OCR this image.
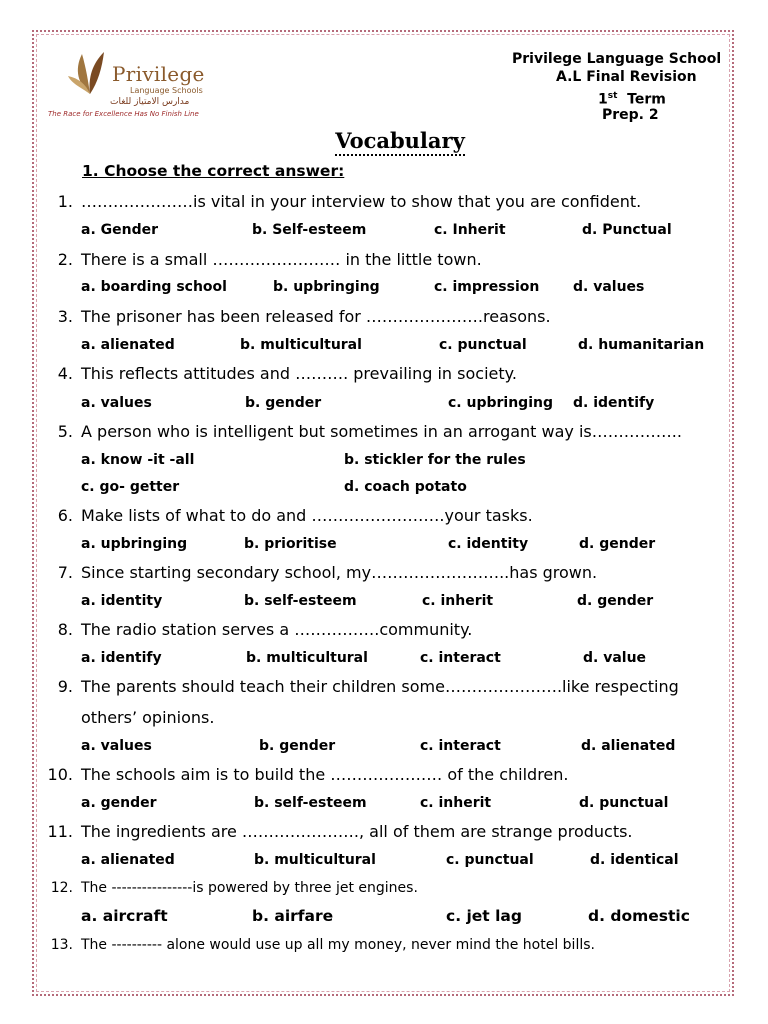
Privilege
Language Schools
مدارس الامتياز للغات
The Race for Excellence Has No Finish Line
Privilege Language School
A.L Final Revision
1st Term
Prep. 2
Vocabulary
1. Choose the correct answer:
1. …………………is vital in your interview to show that you are confident.
a. Gender	b. Self-esteem	c. Inherit	d. Punctual
2. There is a small …………………… in the little town.
a. boarding school	b. upbringing	c. impression d. values
3. The prisoner has been released for ………………….reasons.
a. alienated	b. multicultural	c. punctual	d. humanitarian
4. This reflects attitudes and ………. prevailing in society.
a. values	b. gender	c. upbringing d. identify
5. A person who is intelligent but sometimes in an arrogant way is……………..
a. know -it -all	b. stickler for the rules
c. go- getter	d. coach potato
6. Make lists of what to do and …………………….your tasks.
a. upbringing	b. prioritise	c. identity	d. gender
7. Since starting secondary school, my……………………..has grown.
a. identity	b. self-esteem	c. inherit	d. gender
8. The radio station serves a …………….community.
a. identify	b. multicultural	c. interact	d. value
9. The parents should teach their children some………………….like respecting
others’ opinions.
a. values	b. gender	c. interact	d. alienated
10. The schools aim is to build the ………………… of the children.
a. gender	b. self-esteem	c. inherit	d. punctual
11. The ingredients are …………………., all of them are strange products.
a. alienated	b. multicultural	c. punctual	d. identical
12. The ----------------is powered by three jet engines.
a. aircraft	b. airfare	c. jet lag	d. domestic
13. The ---------- alone would use up all my money, never mind the hotel bills.
